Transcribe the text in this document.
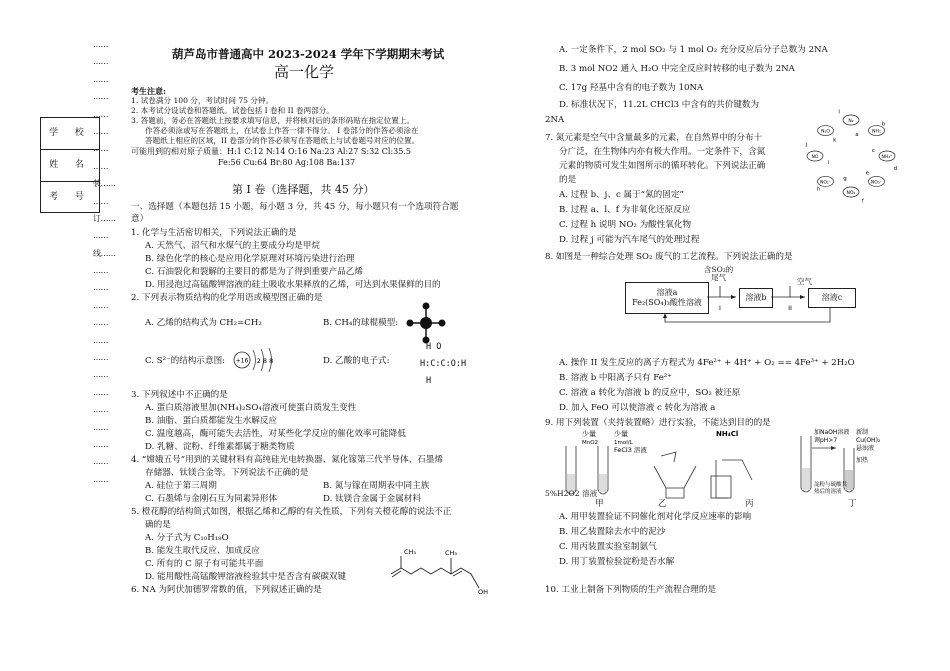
……
……
……
……
……
……
……
……
装……
……
订……
……
线……
……
……
……
……
……
……
……
……
……
……
……
……
……
学 校
姓 名
考 号
葫芦岛市普通高中 2023-2024 学年下学期期末考试
高一化学
考生注意:
1. 试卷满分 100 分，考试时间 75 分钟。
2. 本考试分设试卷和答题纸。试卷包括 I 卷和 II 卷两部分。
3. 答题前，务必在答题纸上按要求填写信息，并将核对后的条形码贴在指定位置上。
作答必须涂或写在答题纸上，在试卷上作答一律不得分。 I 卷部分的作答必须涂在
答题纸上相应的区域，II 卷部分的作答必须写在答题纸上与试卷题号对应的位置。
可能用到的相对原子质量：H:1 C:12 N:14 O:16 Na:23 Al:27 S:32 Cl:35.5
Fe:56 Cu:64 Br:80 Ag:108 Ba:137
第 I 卷（选择题，共 45 分）
一、选择题（本题包括 15 小题，每小题 3 分，共 45 分，每小题只有一个选项符合题
意）
1. 化学与生活密切相关，下列说法正确的是
A. 天然气、沼气和水煤气的主要成分均是甲烷
B. 绿色化学的核心是应用化学原理对环境污染进行治理
C. 石油裂化和裂解的主要目的都是为了得到重要产品乙烯
D. 用浸泡过高锰酸钾溶液的硅土吸收水果释放的乙烯，可达到水果保鲜的目的
2. 下列表示物质结构的化学用语或模型图正确的是
A. 乙烯的结构式为 CH₂=CH₂	B. CH₄的球棍模型:
C. S²⁻的结构示意图: +16 2 8 8	D. 乙酸的电子式:
H O
H:C:C:O:H
H
3. 下列叙述中不正确的是
A. 蛋白质溶液里加(NH₄)₂SO₄溶液可使蛋白质发生变性
B. 油脂、蛋白质都能发生水解反应
C. 温度越高，酶可能失去活性，对某些化学反应的催化效率可能降低
D. 乳糖、淀粉、纤维素都属于糖类物质
4. “嫦娥五号”用到的关键材料有高纯硅光电转换器、氮化镓第三代半导体、石墨烯
存储器、钛镁合金等。下列说法不正确的是
A. 硅位于第三周期	B. 氮与镓在周期表中同主族
C. 石墨烯与金刚石互为同素异形体	D. 钛镁合金属于金属材料
5. 橙花醇的结构简式如图，根据乙烯和乙醇的有关性质，下列有关橙花醇的说法不正
确的是
A. 分子式为 C₁₀H₁₈O
B. 能发生取代反应、加成反应
C. 所有的 C 原子有可能共平面
D. 能用酸性高锰酸钾溶液检验其中是否含有碳碳双键
CH₃	CH₃
OH
6. NA 为阿伏加德罗常数的值，下列叙述正确的是
A. 一定条件下，2 mol SO₂ 与 1 mol O₂ 充分反应后分子总数为 2NA
B. 3 mol NO2 通入 H₂O 中完全反应时转移的电子数为 2NA
C. 17g 羟基中含有的电子数为 10NA
D. 标准状况下，11.2L CHCl3 中含有的共价键数为
2NA
7. 氮元素是空气中含量最多的元素，在自然界中的分布十
分广泛，在生物体内亦有极大作用。一定条件下，含氮
元素的物质可发生如图所示的循环转化。下列说法正确
的是
A. 过程 b、j、c 属于“氮的固定”
B. 过程 a、l、f 为非氧化还原反应
C. 过程 h 说明 NO₂ 为酸性氧化物
D. 过程 j 可能为汽车尾气的处理过程
N₂
NH₃
NH₄⁺
NO₃⁻
NO₂
NO₂⁻
NO
N₂O	a
b
c
d
e
f
g
h
i
j
k
l
8. 如图是一种综合处理 SO₂ 废气的工艺流程。下列说法正确的是
含SO₂的
尾气	空气
溶液a
Fe₂(SO₄)₃酸性溶液
溶液b	溶液c
I	II
A. 操作 II 发生反应的离子方程式为 4Fe²⁺ + 4H⁺ + O₂ == 4Fe³⁺ + 2H₂O
B. 溶液 b 中阳离子只有 Fe²⁺
C. 溶液 a 转化为溶液 b 的反应中，SO₂ 被还原
D. 加入 FeO 可以使溶液 c 转化为溶液 a
9. 用下列装置（夹持装置略）进行实验，不能达到目的的是
少量
MnO2
少量
1mol/L
FeCl3 溶液
NH₄Cl	加NaOH溶液
调pH>7
新制
Cu(OH)₂
悬浊液
加热
淀粉与硫酸共
热后的溶液
5%H2O2 溶液
甲	乙	丙	丁
A. 用甲装置验证不同催化剂对化学反应速率的影响
B. 用乙装置除去水中的泥沙
C. 用丙装置实验室制氨气
D. 用丁装置检验淀粉是否水解
10. 工业上制备下列物质的生产流程合理的是
